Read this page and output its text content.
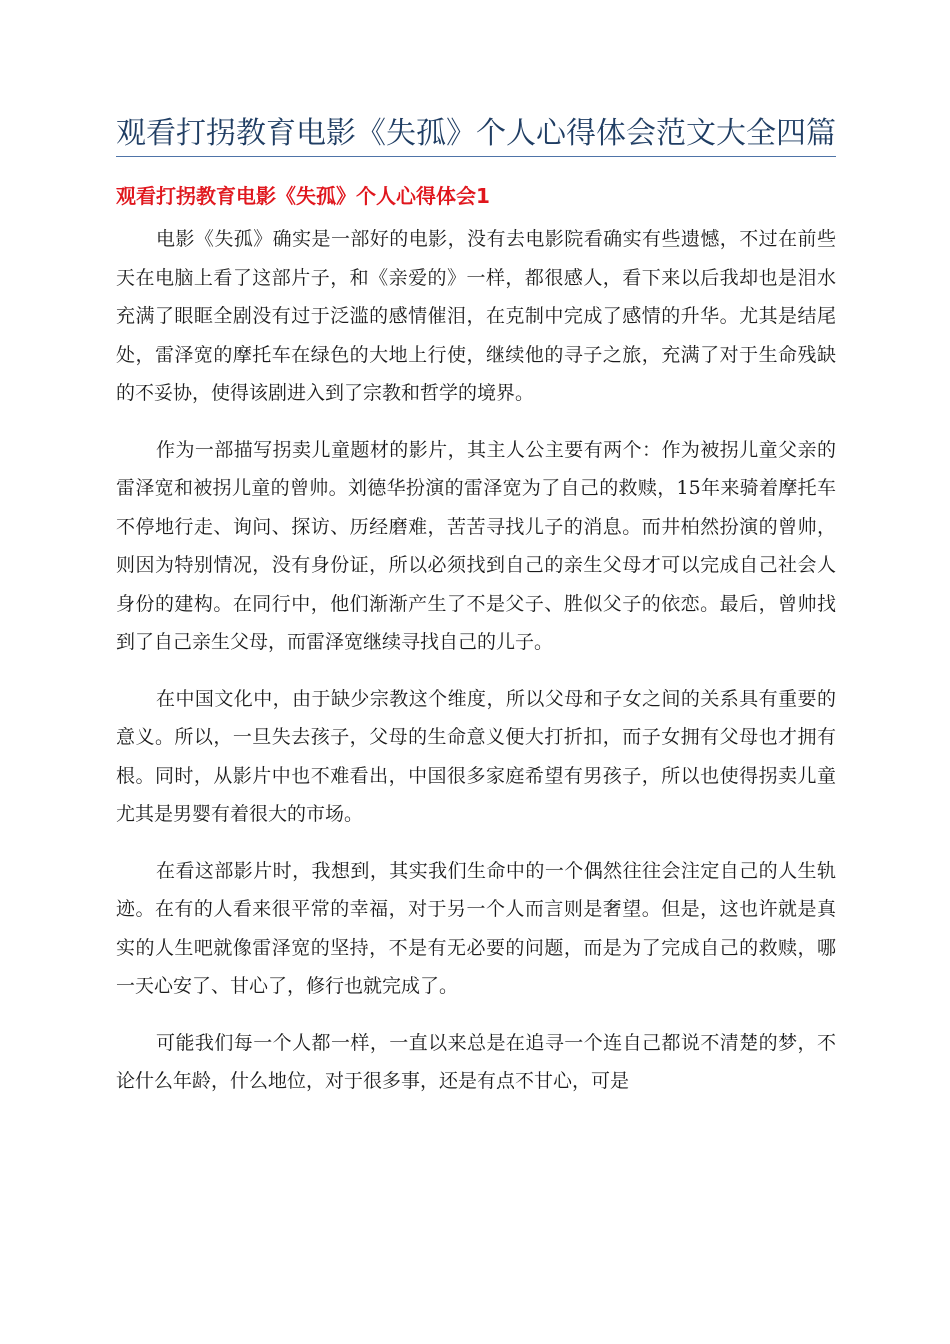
观看打拐教育电影《失孤》个人心得体会范文大全四篇
观看打拐教育电影《失孤》个人心得体会1

电影《失孤》确实是一部好的电影，没有去电影院看确实有些遗憾，不过在前些天在电脑上看了这部片子，和《亲爱的》一样，都很感人，看下来以后我却也是泪水充满了眼眶全剧没有过于泛滥的感情催泪，在克制中完成了感情的升华。尤其是结尾处，雷泽宽的摩托车在绿色的大地上行使，继续他的寻子之旅，充满了对于生命残缺的不妥协，使得该剧进入到了宗教和哲学的境界。

作为一部描写拐卖儿童题材的影片，其主人公主要有两个：作为被拐儿童父亲的雷泽宽和被拐儿童的曾帅。刘德华扮演的雷泽宽为了自己的救赎，15年来骑着摩托车不停地行走、询问、探访、历经磨难，苦苦寻找儿子的消息。而井柏然扮演的曾帅，则因为特别情况，没有身份证，所以必须找到自己的亲生父母才可以完成自己社会人身份的建构。在同行中，他们渐渐产生了不是父子、胜似父子的依恋。最后，曾帅找到了自己亲生父母，而雷泽宽继续寻找自己的儿子。

在中国文化中，由于缺少宗教这个维度，所以父母和子女之间的关系具有重要的意义。所以，一旦失去孩子，父母的生命意义便大打折扣，而子女拥有父母也才拥有根。同时，从影片中也不难看出，中国很多家庭希望有男孩子，所以也使得拐卖儿童尤其是男婴有着很大的市场。

在看这部影片时，我想到，其实我们生命中的一个偶然往往会注定自己的人生轨迹。在有的人看来很平常的幸福，对于另一个人而言则是奢望。但是，这也许就是真实的人生吧就像雷泽宽的坚持，不是有无必要的问题，而是为了完成自己的救赎，哪一天心安了、甘心了，修行也就完成了。

可能我们每一个人都一样，一直以来总是在追寻一个连自己都说不清楚的梦，不论什么年龄，什么地位，对于很多事，还是有点不甘心，可是
